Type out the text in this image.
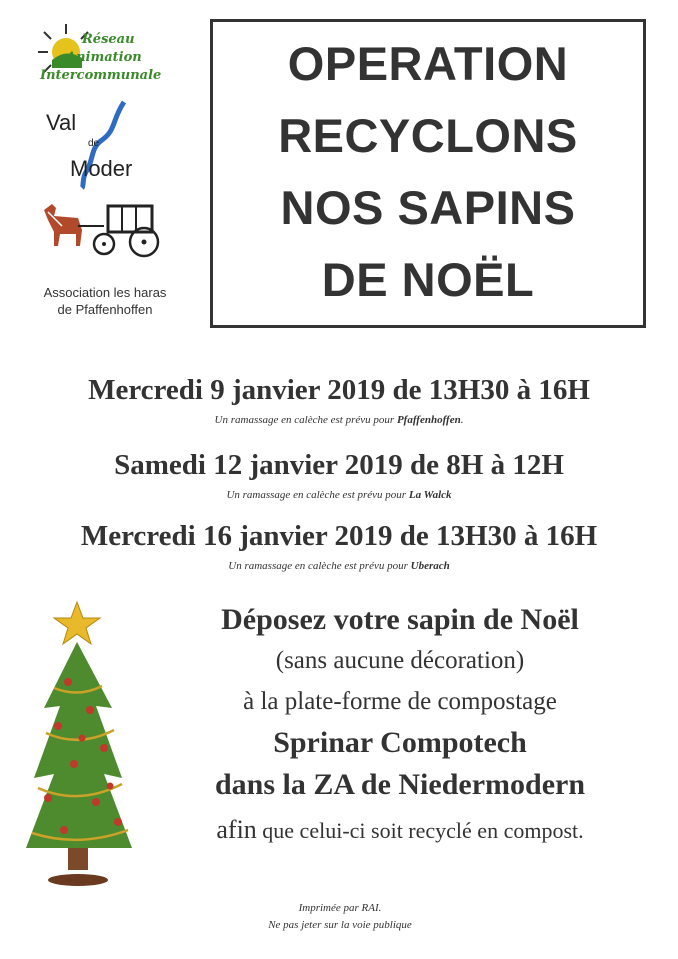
Réseau
Animation
Intercommunale
Val
de
Moder
Association les haras
de Pfaffenhoffen
OPERATION
RECYCLONS
NOS SAPINS
DE NOËL
Mercredi 9 janvier 2019 de 13H30 à 16H
Un ramassage en calèche est prévu pour Pfaffenhoffen.
Samedi 12 janvier 2019 de 8H à 12H
Un ramassage en calèche est prévu pour La Walck
Mercredi 16 janvier 2019 de 13H30 à 16H
Un ramassage en calèche est prévu pour Uberach
Déposez votre sapin de Noël
(sans aucune décoration)
à la plate-forme de compostage
Sprinar Compotech
dans la ZA de Niedermodern
afin que celui-ci soit recyclé en compost.
Imprimée par RAI.
Ne pas jeter sur la voie publique
